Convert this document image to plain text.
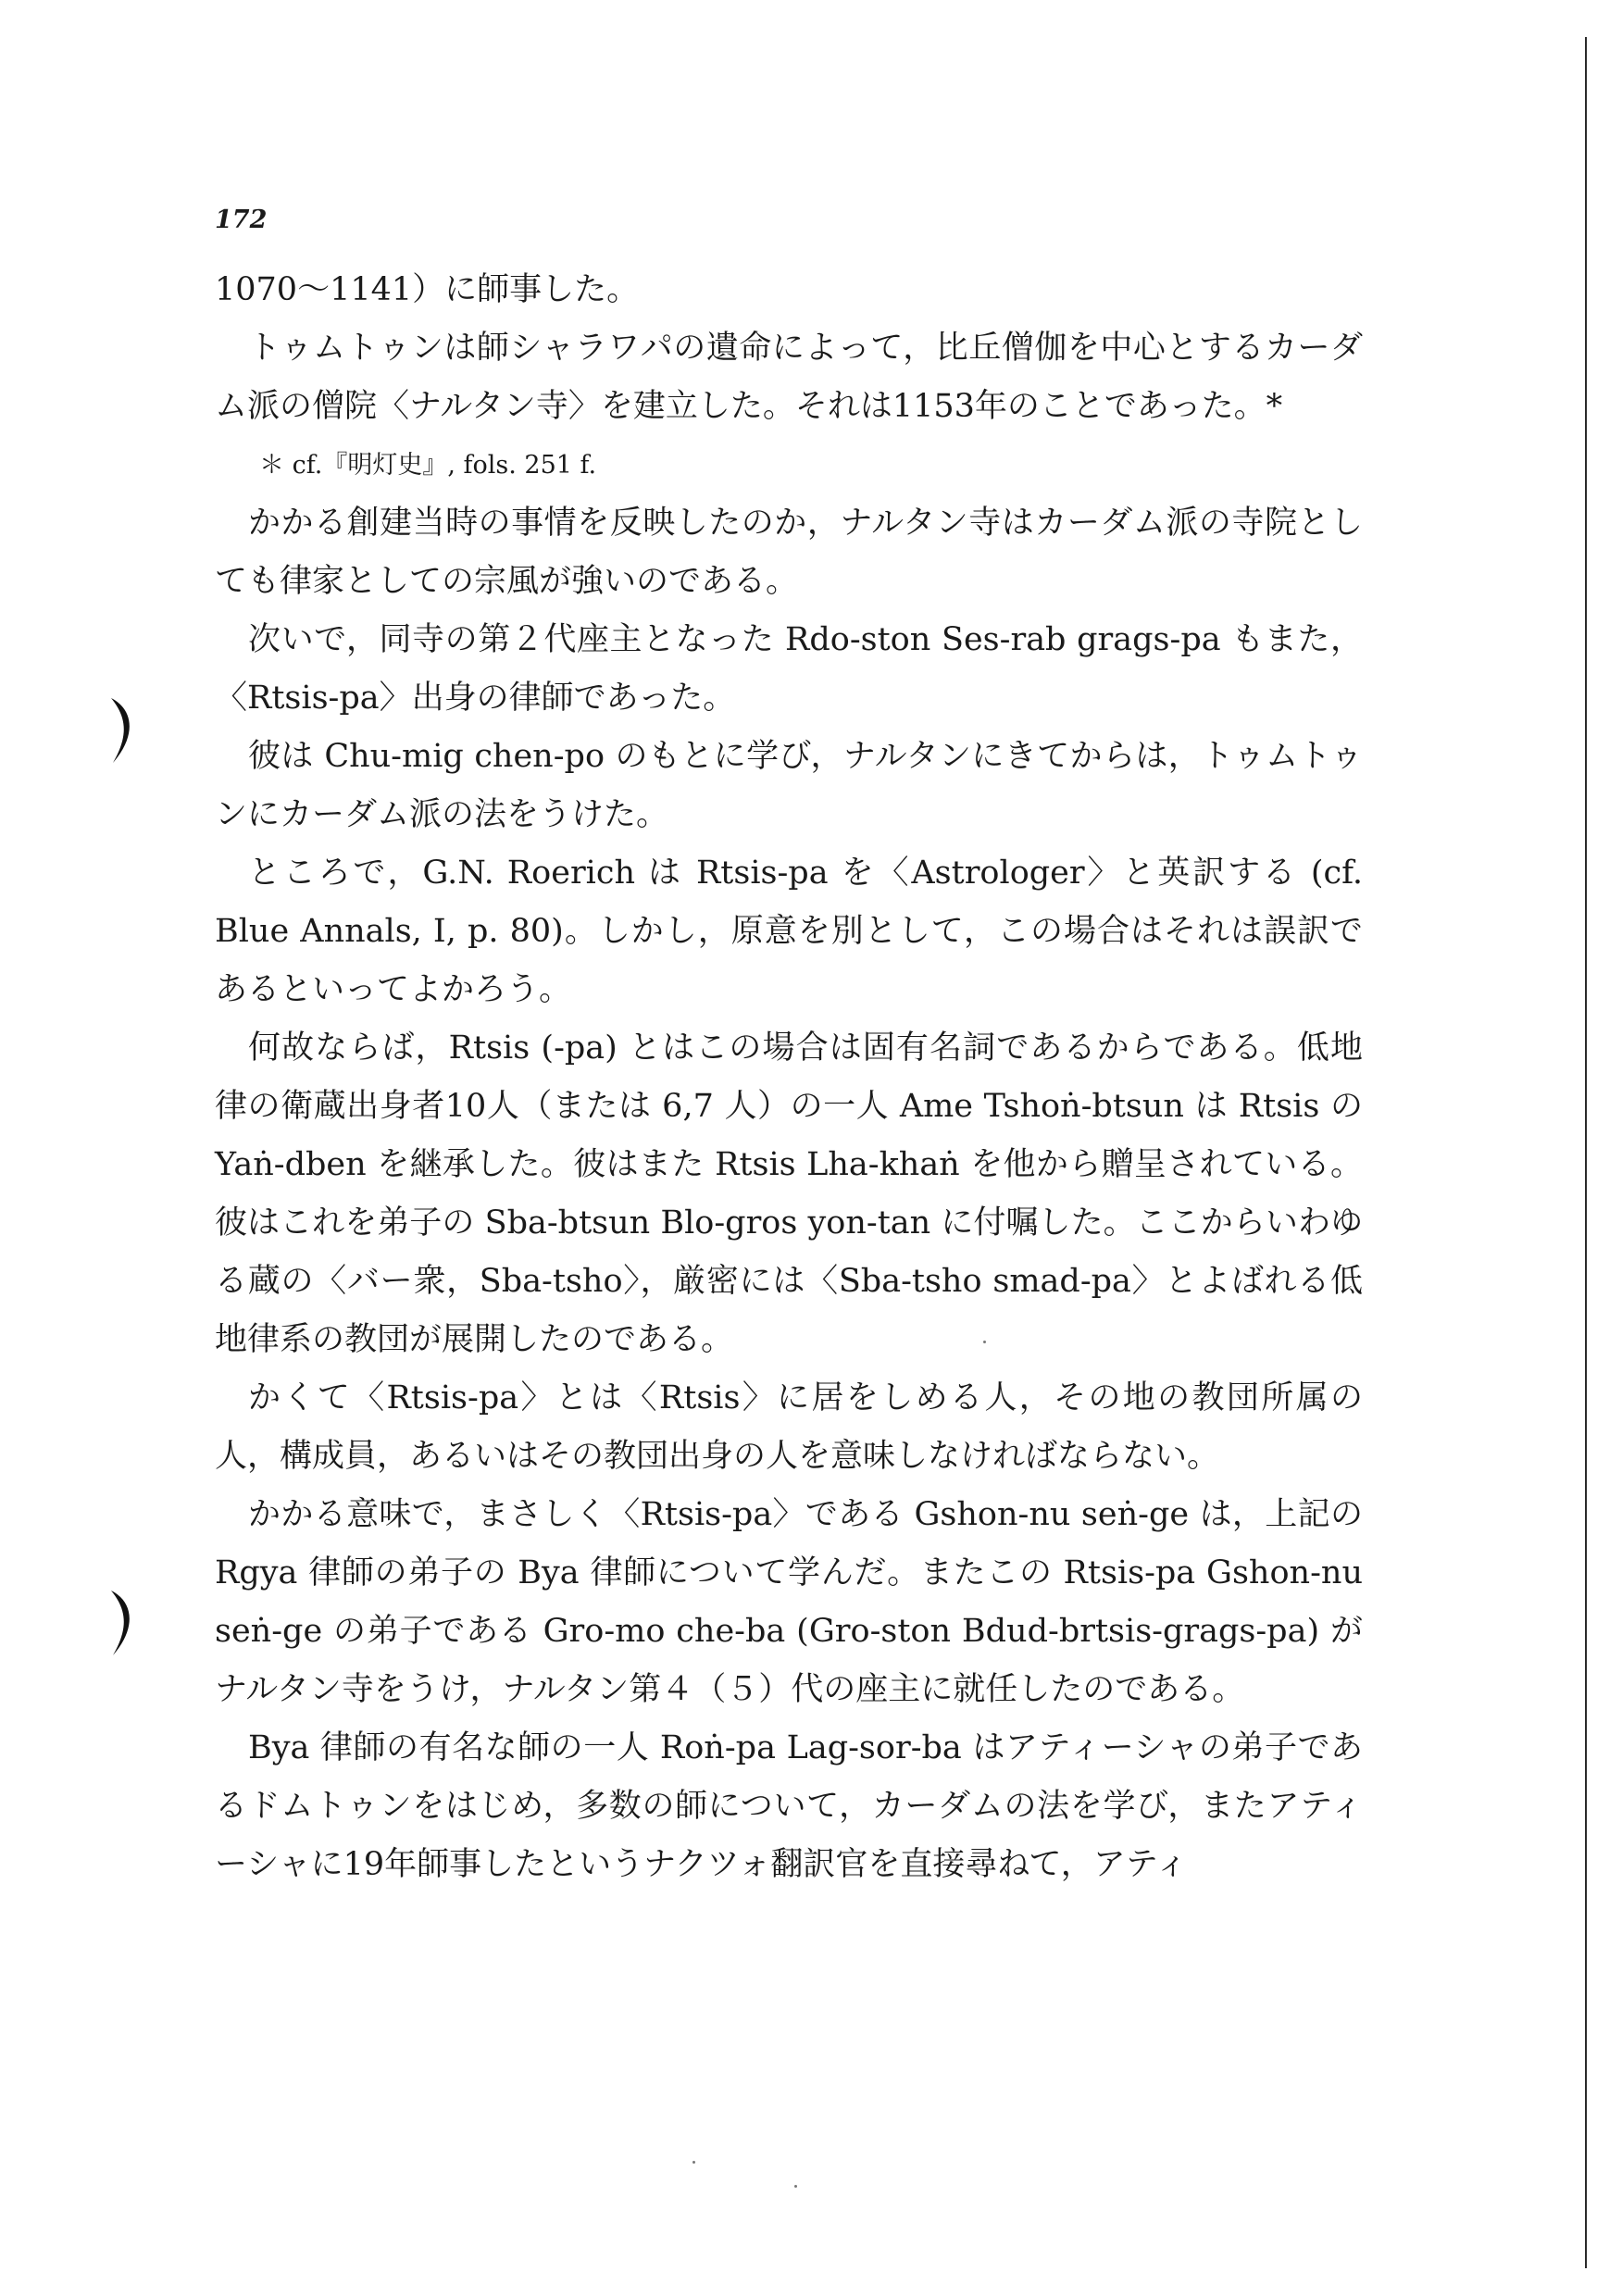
172

1070～1141）に師事した。

トゥムトゥンは師シャラワパの遺命によって，比丘僧伽を中心とするカーダム派の僧院〈ナルタン寺〉を建立した。それは1153年のことであった。*

＊ cf.『明灯史』, fols. 251 f.

かかる創建当時の事情を反映したのか，ナルタン寺はカーダム派の寺院としても律家としての宗風が強いのである。

次いで，同寺の第２代座主となった Rdo-ston Ses-rab grags-pa もまた，〈Rtsis-pa〉出身の律師であった。

彼は Chu-mig chen-po のもとに学び，ナルタンにきてからは，トゥムトゥンにカーダム派の法をうけた。

ところで，G.N. Roerich は Rtsis-pa を〈Astrologer〉と英訳する (cf. Blue Annals, I, p. 80)。しかし，原意を別として，この場合はそれは誤訳であるといってよかろう。

何故ならば，Rtsis (-pa) とはこの場合は固有名詞であるからである。低地律の衛蔵出身者10人（または 6,7 人）の一人 Ame Tshoṅ-btsun は Rtsis の Yaṅ-dben を継承した。彼はまた Rtsis Lha-khaṅ を他から贈呈されている。彼はこれを弟子の Sba-btsun Blo-gros yon-tan に付嘱した。ここからいわゆる蔵の〈バー衆，Sba-tsho〉，厳密には〈Sba-tsho smad-pa〉とよばれる低地律系の教団が展開したのである。

かくて〈Rtsis-pa〉とは〈Rtsis〉に居をしめる人，その地の教団所属の人，構成員，あるいはその教団出身の人を意味しなければならない。

かかる意味で，まさしく〈Rtsis-pa〉である Gshon-nu seṅ-ge は，上記の Rgya 律師の弟子の Bya 律師について学んだ。またこの Rtsis-pa Gshon-nu seṅ-ge の弟子である Gro-mo che-ba (Gro-ston Bdud-brtsis-grags-pa) がナルタン寺をうけ，ナルタン第４（５）代の座主に就任したのである。

Bya 律師の有名な師の一人 Roṅ-pa Lag-sor-ba はアティーシャの弟子であるドムトゥンをはじめ，多数の師について，カーダムの法を学び，またアティーシャに19年師事したというナクツォ翻訳官を直接尋ねて，アティ
